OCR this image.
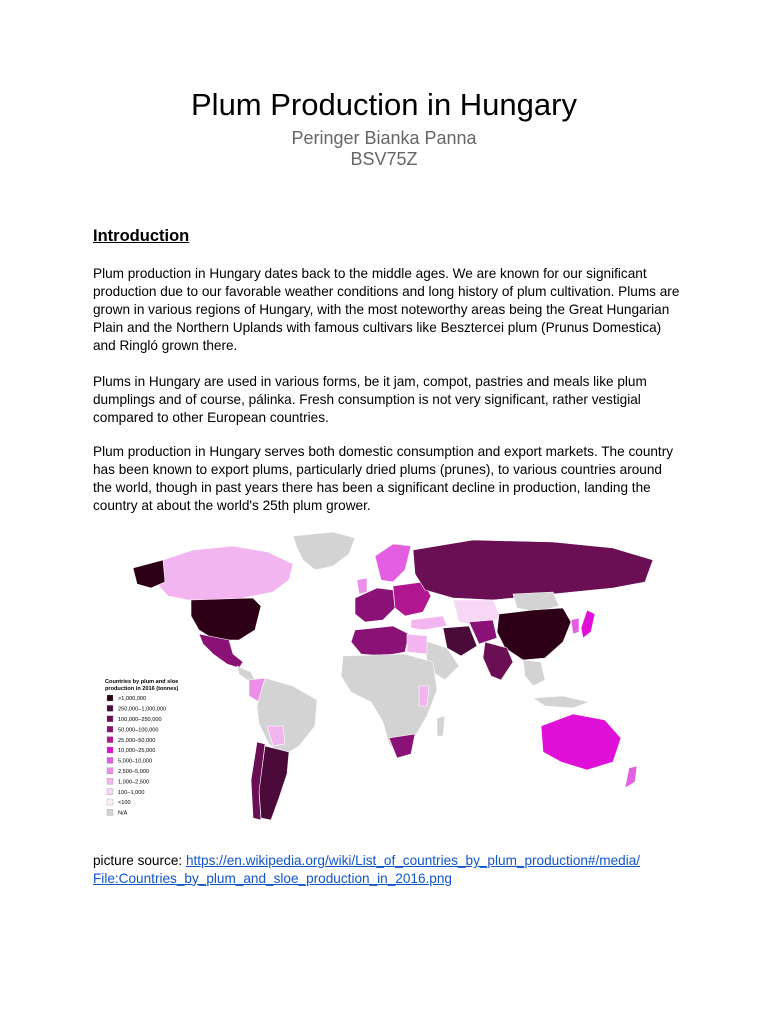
Plum Production in Hungary
Peringer Bianka Panna
BSV75Z
Introduction

Plum production in Hungary dates back to the middle ages. We are known for our significant production due to our favorable weather conditions and long history of plum cultivation. Plums are grown in various regions of Hungary, with the most noteworthy areas being the Great Hungarian Plain and the Northern Uplands with famous cultivars like Besztercei plum (Prunus Domestica) and Ringló grown there.

Plums in Hungary are used in various forms, be it jam, compot, pastries and meals like plum dumplings and of course, pálinka. Fresh consumption is not very significant, rather vestigial compared to other European countries.

Plum production in Hungary serves both domestic consumption and export markets. The country has been known to export plums, particularly dried plums (prunes), to various countries around the world, though in past years there has been a significant decline in production, landing the country at about the world's 25th plum grower.

Countries by plum and sloe
production in 2016 (tonnes)
>1,000,000
250,000–1,000,000
100,000–250,000
50,000–100,000
25,000–50,000
10,000–25,000
5,000–10,000
2,500–5,000
1,000–2,500
100–1,000
<100
N/A
picture source: https://en.wikipedia.org/wiki/List_of_countries_by_plum_production#/media/
File:Countries_by_plum_and_sloe_production_in_2016.png
